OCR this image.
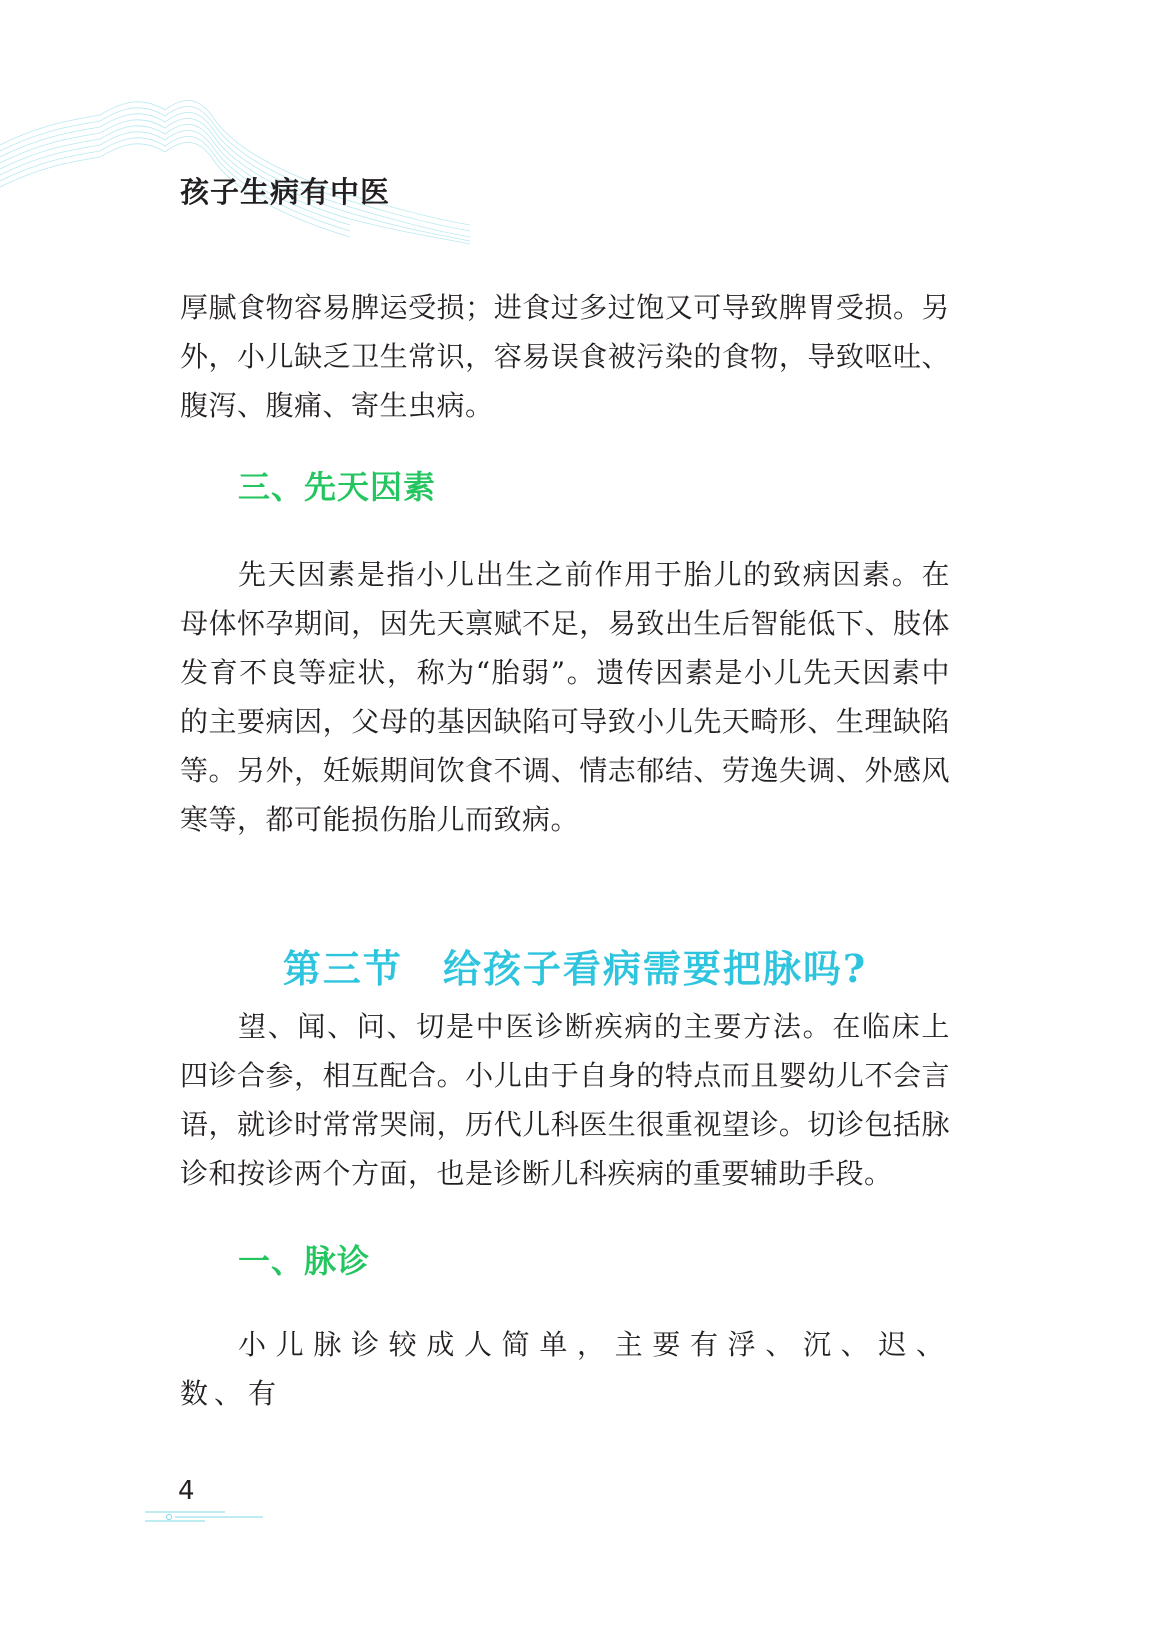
孩子生病有中医

厚腻食物容易脾运受损；进食过多过饱又可导致脾胃受损。另外，小儿缺乏卫生常识，容易误食被污染的食物，导致呕吐、腹泻、腹痛、寄生虫病。

三、先天因素

先天因素是指小儿出生之前作用于胎儿的致病因素。在母体怀孕期间，因先天禀赋不足，易致出生后智能低下、肢体发育不良等症状，称为“胎弱”。遗传因素是小儿先天因素中的主要病因，父母的基因缺陷可导致小儿先天畸形、生理缺陷等。另外，妊娠期间饮食不调、情志郁结、劳逸失调、外感风寒等，都可能损伤胎儿而致病。

第三节 给孩子看病需要把脉吗?

望、闻、问、切是中医诊断疾病的主要方法。在临床上四诊合参，相互配合。小儿由于自身的特点而且婴幼儿不会言语，就诊时常常哭闹，历代儿科医生很重视望诊。切诊包括脉诊和按诊两个方面，也是诊断儿科疾病的重要辅助手段。

一、脉诊

小儿脉诊较成人简单，主要有浮、沉、迟、数、有

4
